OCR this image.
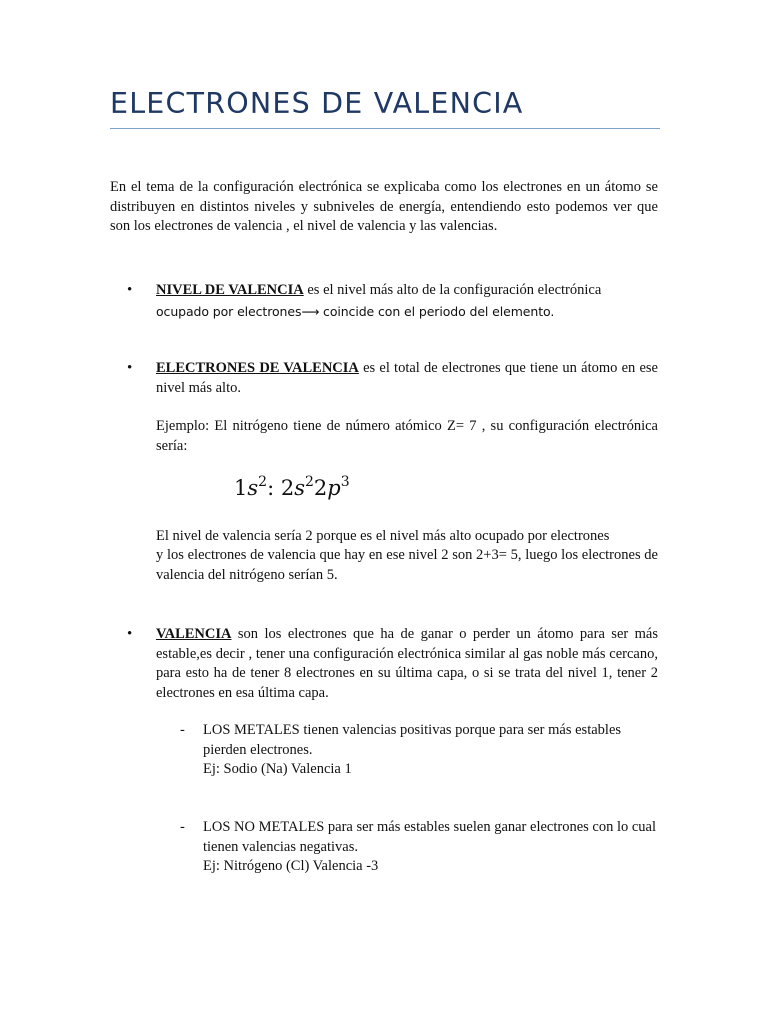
ELECTRONES DE VALENCIA
En el tema de la configuración electrónica se explicaba como los electrones en un átomo se distribuyen en distintos niveles y subniveles de energía, entendiendo esto podemos ver que son los electrones de valencia , el nivel de valencia y las valencias.
• NIVEL DE VALENCIA es el nivel más alto de la configuración electrónica
ocupado por electrones⟶ coincide con el periodo del elemento.
• ELECTRONES DE VALENCIA es el total de electrones que tiene un átomo en ese nivel más alto.
Ejemplo: El nitrógeno tiene de número atómico Z= 7 , su configuración electrónica sería:
$1s^2$: $2s^22p^3$
El nivel de valencia sería 2 porque es el nivel más alto ocupado por electrones
y los electrones de valencia que hay en ese nivel 2 son 2+3= 5, luego los electrones de valencia del nitrógeno serían 5.
• VALENCIA son los electrones que ha de ganar o perder un átomo para ser más estable,es decir , tener una configuración electrónica similar al gas noble más cercano, para esto ha de tener 8 electrones en su última capa, o si se trata del nivel 1, tener 2 electrones en esa última capa.
- LOS METALES tienen valencias positivas porque para ser más estables pierden electrones.
Ej: Sodio (Na) Valencia 1
- LOS NO METALES para ser más estables suelen ganar electrones con lo cual tienen valencias negativas.
Ej: Nitrógeno (Cl) Valencia -3
